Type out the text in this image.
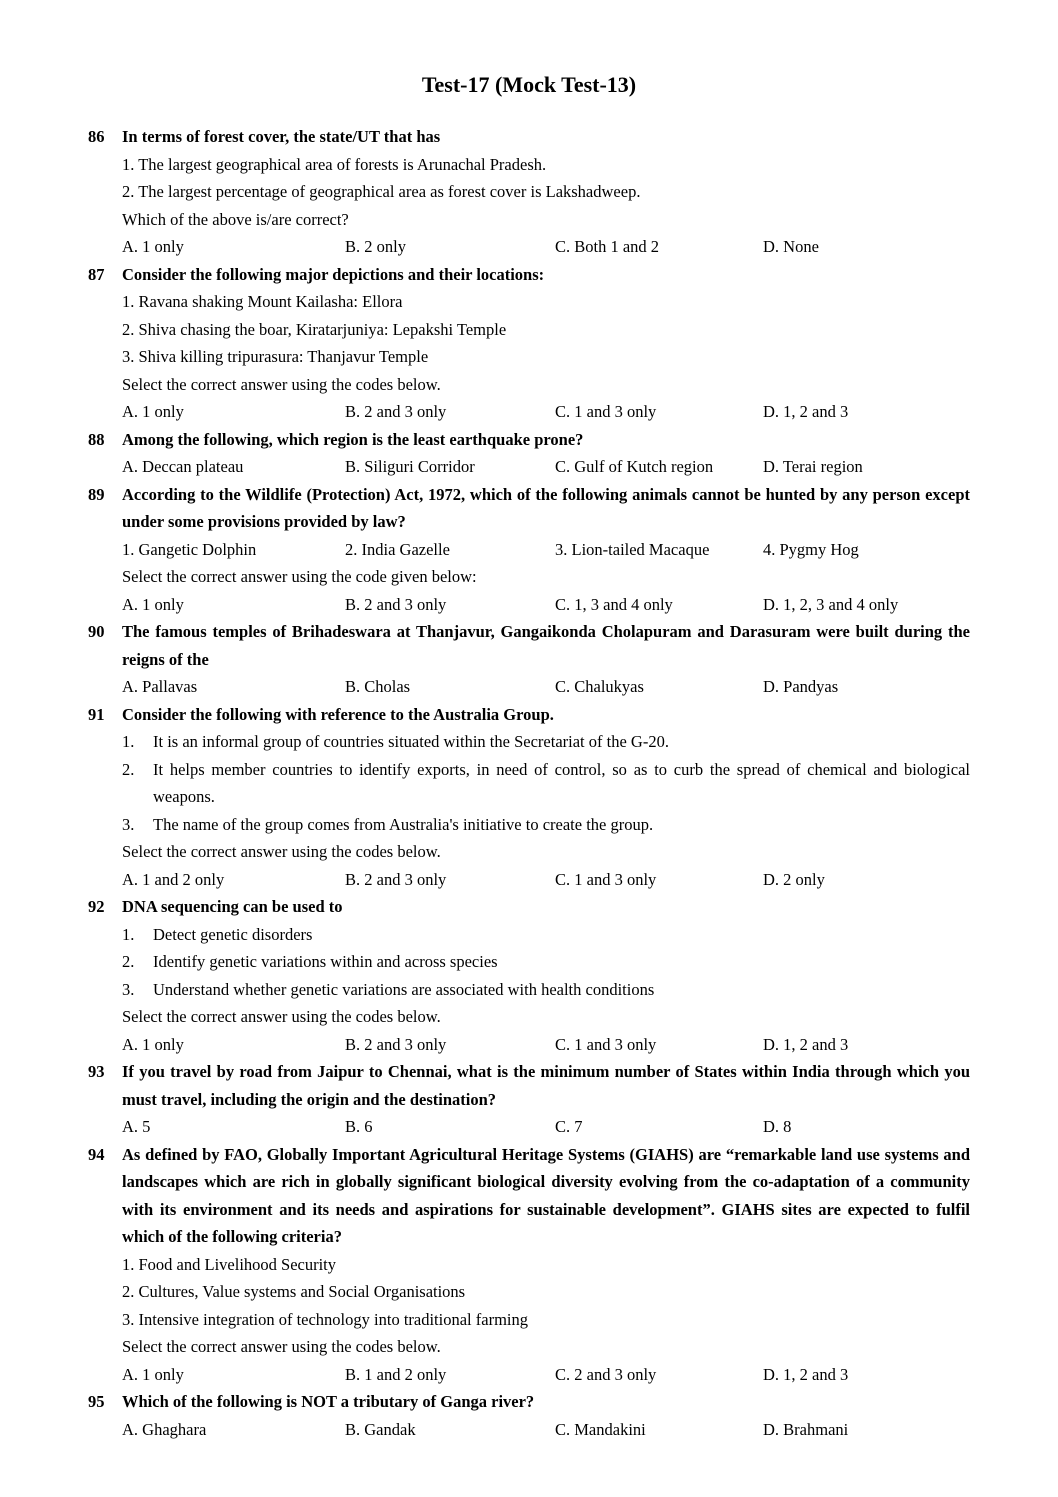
Test-17 (Mock Test-13)
86	In terms of forest cover, the state/UT that has
1. The largest geographical area of forests is Arunachal Pradesh.
2. The largest percentage of geographical area as forest cover is Lakshadweep.
Which of the above is/are correct?
A. 1 only	B. 2 only	C. Both 1 and 2	D. None
87	Consider the following major depictions and their locations:
1. Ravana shaking Mount Kailasha: Ellora
2. Shiva chasing the boar, Kiratarjuniya: Lepakshi Temple
3. Shiva killing tripurasura: Thanjavur Temple
Select the correct answer using the codes below.
A. 1 only	B. 2 and 3 only	C. 1 and 3 only	D. 1, 2 and 3
88	Among the following, which region is the least earthquake prone?
A. Deccan plateau	B. Siliguri Corridor	C. Gulf of Kutch region	D. Terai region
89	According to the Wildlife (Protection) Act, 1972, which of the following animals cannot be hunted by any person except under some provisions provided by law?
1. Gangetic Dolphin	2. India Gazelle	3. Lion-tailed Macaque	4. Pygmy Hog
Select the correct answer using the code given below:
A. 1 only	B. 2 and 3 only	C. 1, 3 and 4 only	D. 1, 2, 3 and 4 only
90	The famous temples of Brihadeswara at Thanjavur, Gangaikonda Cholapuram and Darasuram were built during the reigns of the
A. Pallavas	B. Cholas	C. Chalukyas	D. Pandyas
91	Consider the following with reference to the Australia Group.
1.	It is an informal group of countries situated within the Secretariat of the G-20.
2.	It helps member countries to identify exports, in need of control, so as to curb the spread of chemical and biological weapons.
3.	The name of the group comes from Australia's initiative to create the group.
Select the correct answer using the codes below.
A. 1 and 2 only	B. 2 and 3 only	C. 1 and 3 only	D. 2 only
92	DNA sequencing can be used to
1.	Detect genetic disorders
2.	Identify genetic variations within and across species
3.	Understand whether genetic variations are associated with health conditions
Select the correct answer using the codes below.
A. 1 only	B. 2 and 3 only	C. 1 and 3 only	D. 1, 2 and 3
93	If you travel by road from Jaipur to Chennai, what is the minimum number of States within India through which you must travel, including the origin and the destination?
A. 5	B. 6	C. 7	D. 8
94	As defined by FAO, Globally Important Agricultural Heritage Systems (GIAHS) are “remarkable land use systems and landscapes which are rich in globally significant biological diversity evolving from the co-adaptation of a community with its environment and its needs and aspirations for sustainable development”. GIAHS sites are expected to fulfil which of the following criteria?
1. Food and Livelihood Security
2. Cultures, Value systems and Social Organisations
3. Intensive integration of technology into traditional farming
Select the correct answer using the codes below.
A. 1 only	B. 1 and 2 only	C. 2 and 3 only	D. 1, 2 and 3
95	Which of the following is NOT a tributary of Ganga river?
A. Ghaghara	B. Gandak	C. Mandakini	D. Brahmani
